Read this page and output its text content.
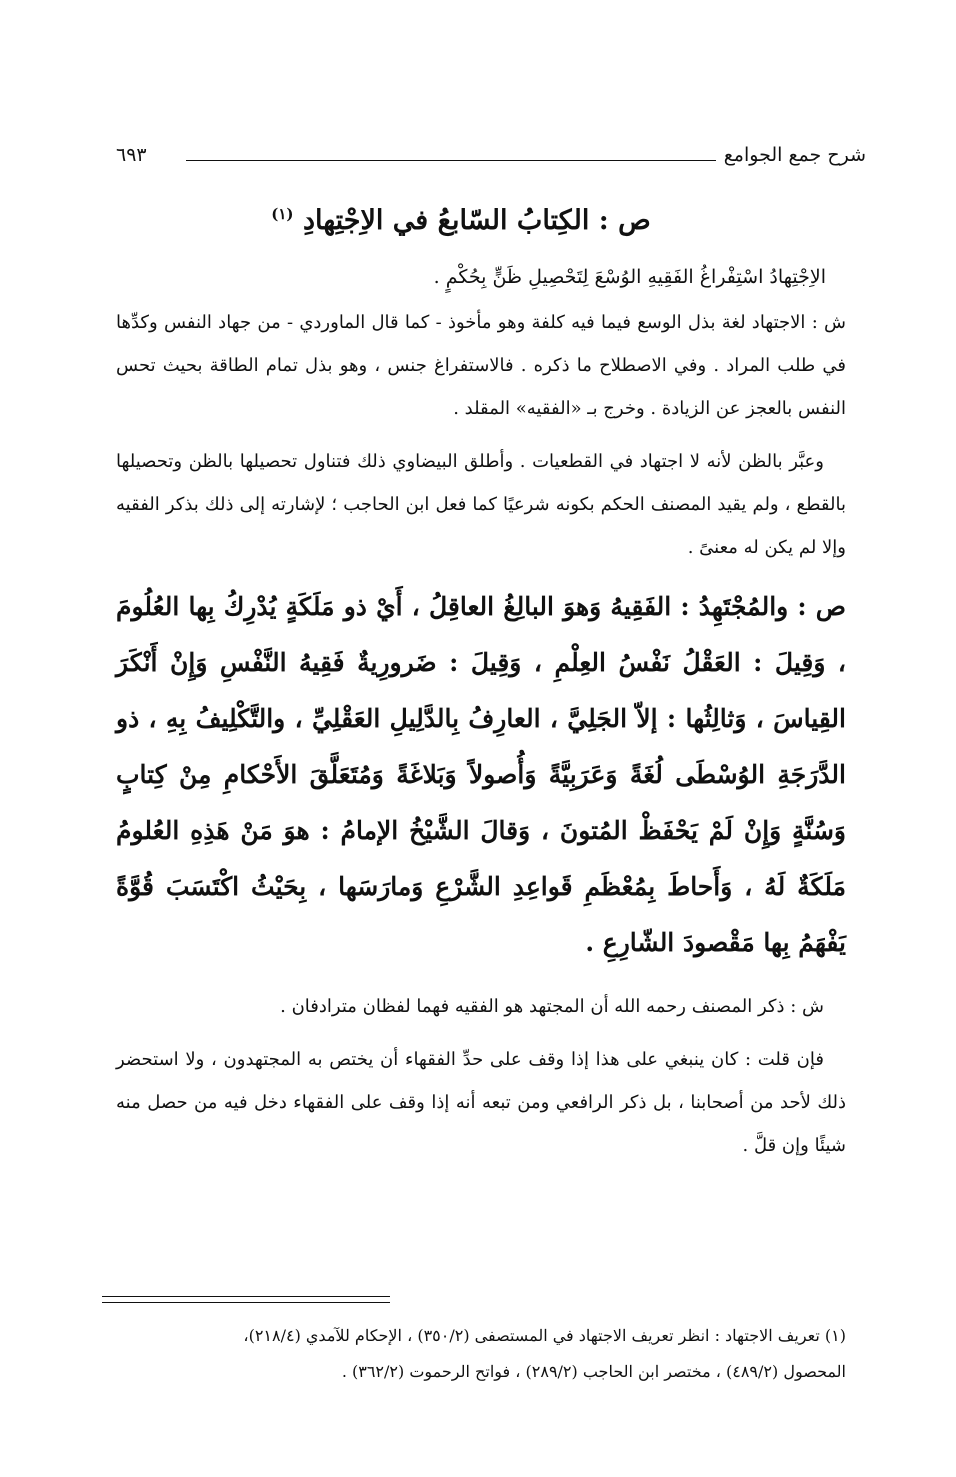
شرح جمع الجوامع
٦٩٣
ص : الكِتابُ السّابعُ في الاِجْتِهادِ $^{(١)}$

الاِجْتِهادُ اسْتِفْراغُ الفَقِيهِ الوُسْعَ لِتَحْصِيلِ ظَنٍّ بِحُكْمٍ .

ش : الاجتهاد لغة بذل الوسع فيما فيه كلفة وهو مأخوذ - كما قال الماوردي - من جهاد النفس وكدِّها في طلب المراد . وفي الاصطلاح ما ذكره . فالاستفراغ جنس ، وهو بذل تمام الطاقة بحيث تحس النفس بالعجز عن الزيادة . وخرج بـ «الفقيه» المقلد .

وعبَّر بالظن لأنه لا اجتهاد في القطعيات . وأطلق البيضاوي ذلك فتناول تحصيلها بالظن وتحصيلها بالقطع ، ولم يقيد المصنف الحكم بكونه شرعيًا كما فعل ابن الحاجب ؛ لإشارته إلى ذلك بذكر الفقيه وإلا لم يكن له معنىً .

ص : والمُجْتَهِدُ : الفَقِيهُ وَهوَ البالِغُ العاقِلُ ، أَيْ ذو مَلَكَةٍ يُدْرِكُ بِها العُلُومَ ، وَقِيلَ : العَقْلُ نَفْسُ العِلْمِ ، وَقِيلَ : ضَرورِيةٌ فَقِيهُ النَّفْسِ وَإِنْ أَنْكَرَ القِياسَ ، وَثالِثُها : إلاّ الجَلِيَّ ، العارِفُ بِالدَّلِيلِ العَقْلِيِّ ، والتَّكْلِيفُ بِهِ ، ذو الدَّرَجَةِ الوُسْطَى لُغَةً وَعَرَبِيَّةً وَأُصولاً وَبَلاغَةً وَمُتَعَلَّقَ الأَحْكامِ مِنْ كِتابٍ وَسُنَّةٍ وَإِنْ لَمْ يَحْفَظْ المُتونَ ، وَقالَ الشَّيْخُ الإمامُ : هوَ مَنْ هَذِهِ العُلومُ مَلَكَةٌ لَهُ ، وَأَحاطَ بِمُعْظَمِ قَواعِدِ الشَّرْعِ وَمارَسَها ، بِحَيْثُ اكْتَسَبَ قُوَّةً يَفْهَمُ بِها مَقْصودَ الشّارِعِ .

ش : ذكر المصنف رحمه الله أن المجتهد هو الفقيه فهما لفظان مترادفان .

فإن قلت : كان ينبغي على هذا إذا وقف على حدِّ الفقهاء أن يختص به المجتهدون ، ولا استحضر ذلك لأحد من أصحابنا ، بل ذكر الرافعي ومن تبعه أنه إذا وقف على الفقهاء دخل فيه من حصل منه شيئًا وإن قلَّ .

(١) تعريف الاجتهاد : انظر تعريف الاجتهاد في المستصفى (٣٥٠/٢) ، الإحكام للآمدي (٢١٨/٤)،
المحصول (٤٨٩/٢) ، مختصر ابن الحاجب (٢٨٩/٢) ، فواتح الرحموت (٣٦٢/٢) .
